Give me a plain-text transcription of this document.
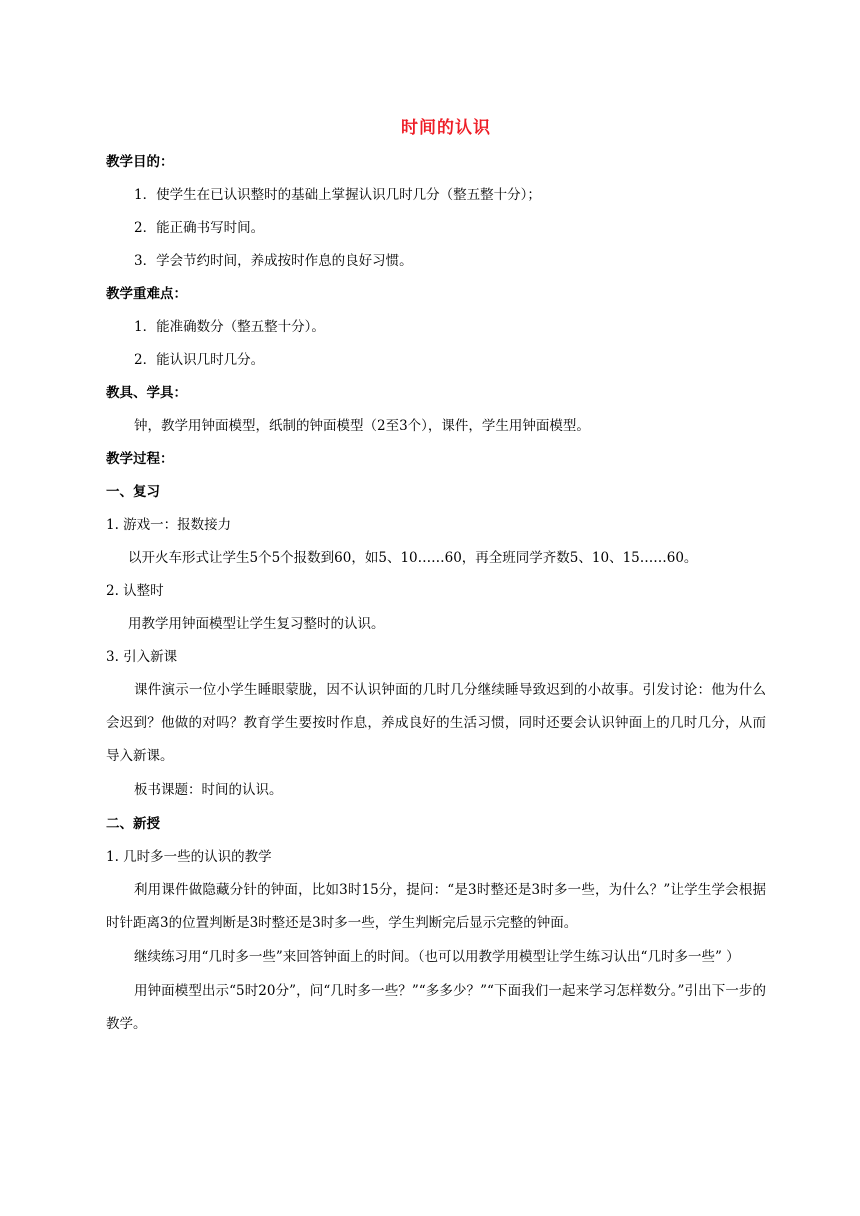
时间的认识
教学目的：
1．使学生在已认识整时的基础上掌握认识几时几分（整五整十分）；
2．能正确书写时间。
3．学会节约时间，养成按时作息的良好习惯。
教学重难点：
1．能准确数分（整五整十分）。
2．能认识几时几分。
教具、学具：
钟，教学用钟面模型，纸制的钟面模型（2至3个），课件，学生用钟面模型。
教学过程：
一、复习
1. 游戏一：报数接力
以开火车形式让学生5个5个报数到60，如5、10……60，再全班同学齐数5、10、15……60。
2. 认整时
用教学用钟面模型让学生复习整时的认识。
3. 引入新课
课件演示一位小学生睡眼蒙胧，因不认识钟面的几时几分继续睡导致迟到的小故事。引发讨论：他为什么会迟到？他做的对吗？教育学生要按时作息，养成良好的生活习惯，同时还要会认识钟面上的几时几分，从而导入新课。
板书课题：时间的认识。
二、新授
1. 几时多一些的认识的教学
利用课件做隐藏分针的钟面，比如3时15分，提问：“是3时整还是3时多一些，为什么？”让学生学会根据时针距离3的位置判断是3时整还是3时多一些，学生判断完后显示完整的钟面。
继续练习用“几时多一些”来回答钟面上的时间。（也可以用教学用模型让学生练习认出“几时多一些” ）
用钟面模型出示“5时20分”，问“几时多一些？”“多多少？”“下面我们一起来学习怎样数分。”引出下一步的教学。
